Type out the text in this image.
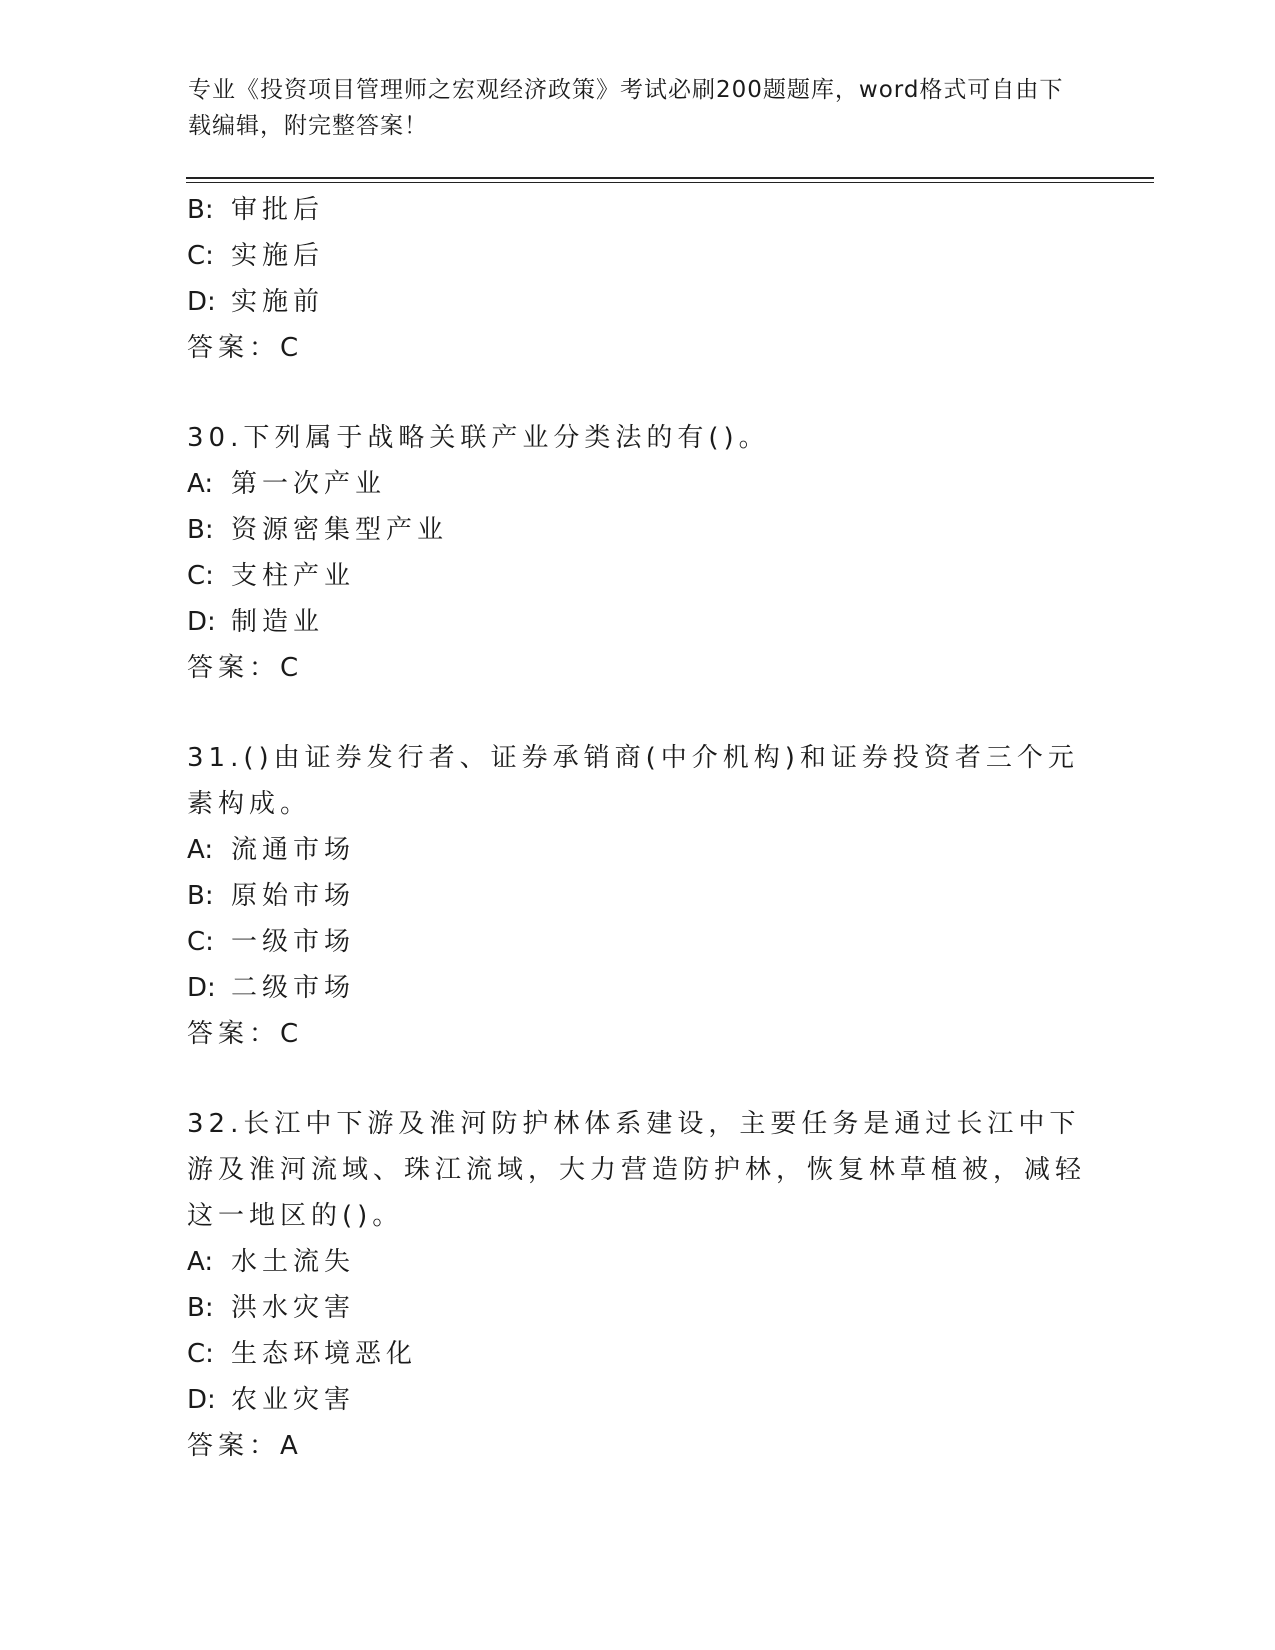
专业《投资项目管理师之宏观经济政策》考试必刷200题题库，word格式可自由下载编辑，附完整答案！
B: 审批后
C: 实施后
D: 实施前
答案：C
30.下列属于战略关联产业分类法的有()。
A: 第一次产业
B: 资源密集型产业
C: 支柱产业
D: 制造业
答案：C
31.()由证券发行者、证券承销商(中介机构)和证券投资者三个元素构成。
A: 流通市场
B: 原始市场
C: 一级市场
D: 二级市场
答案：C
32.长江中下游及淮河防护林体系建设，主要任务是通过长江中下游及淮河流域、珠江流域，大力营造防护林，恢复林草植被，减轻这一地区的()。
A: 水土流失
B: 洪水灾害
C: 生态环境恶化
D: 农业灾害
答案：A
